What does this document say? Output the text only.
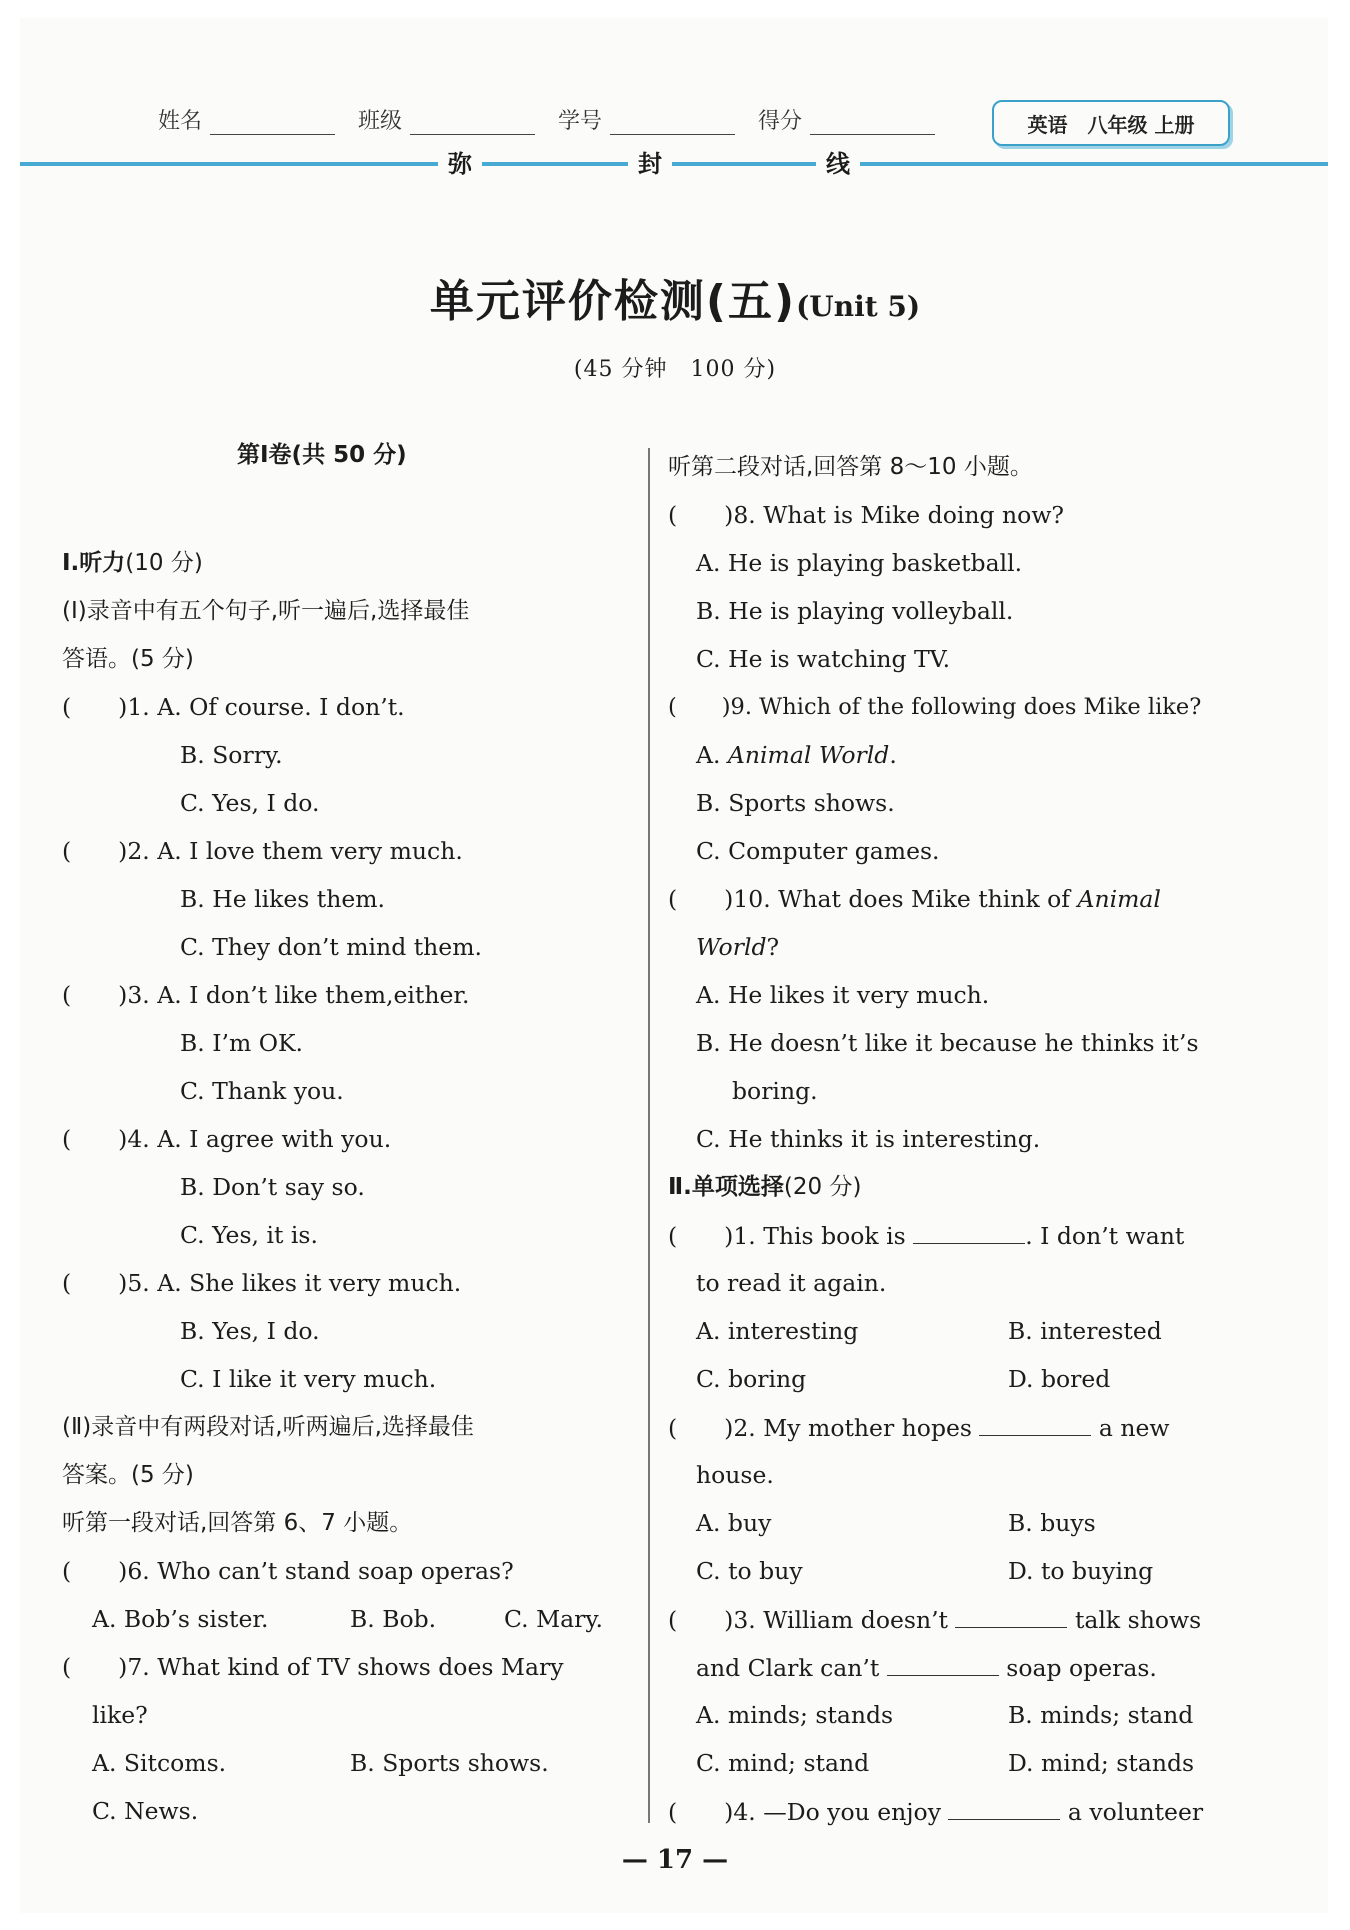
姓名	班级	学号	得分	英语 八年级 上册
弥	封	线
单元评价检测(五)(Unit 5)
(45 分钟　100 分)
第Ⅰ卷(共 50 分)
Ⅰ.听力(10 分)
(Ⅰ)录音中有五个句子,听一遍后,选择最佳
答语。(5 分)
(　　)1. A. Of course. I don’t.
B. Sorry.
C. Yes, I do.
(　　)2. A. I love them very much.
B. He likes them.
C. They don’t mind them.
(　　)3. A. I don’t like them,either.
B. I’m OK.
C. Thank you.
(　　)4. A. I agree with you.
B. Don’t say so.
C. Yes, it is.
(　　)5. A. She likes it very much.
B. Yes, I do.
C. I like it very much.
(Ⅱ)录音中有两段对话,听两遍后,选择最佳
答案。(5 分)
听第一段对话,回答第 6、7 小题。
(　　)6. Who can’t stand soap operas?
A. Bob’s sister.	B. Bob.	C. Mary.
(　　)7. What kind of TV shows does Mary
like?
A. Sitcoms.	B. Sports shows.
C. News.
听第二段对话,回答第 8～10 小题。
(　　)8. What is Mike doing now?
A. He is playing basketball.
B. He is playing volleyball.
C. He is watching TV.
(　　)9. Which of the following does Mike like?
A. Animal World.
B. Sports shows.
C. Computer games.
(　　)10. What does Mike think of Animal
World?
A. He likes it very much.
B. He doesn’t like it because he thinks it’s
boring.
C. He thinks it is interesting.
Ⅱ.单项选择(20 分)
(　　)1. This book is	. I don’t want
to read it again.
A. interesting	B. interested
C. boring	D. bored
(　　)2. My mother hopes	a new
house.
A. buy	B. buys
C. to buy	D. to buying
(　　)3. William doesn’t	talk shows
and Clark can’t	soap operas.
A. minds; stands	B. minds; stand
C. mind; stand	D. mind; stands
(　　)4. —Do you enjoy	a volunteer
— 17 —
